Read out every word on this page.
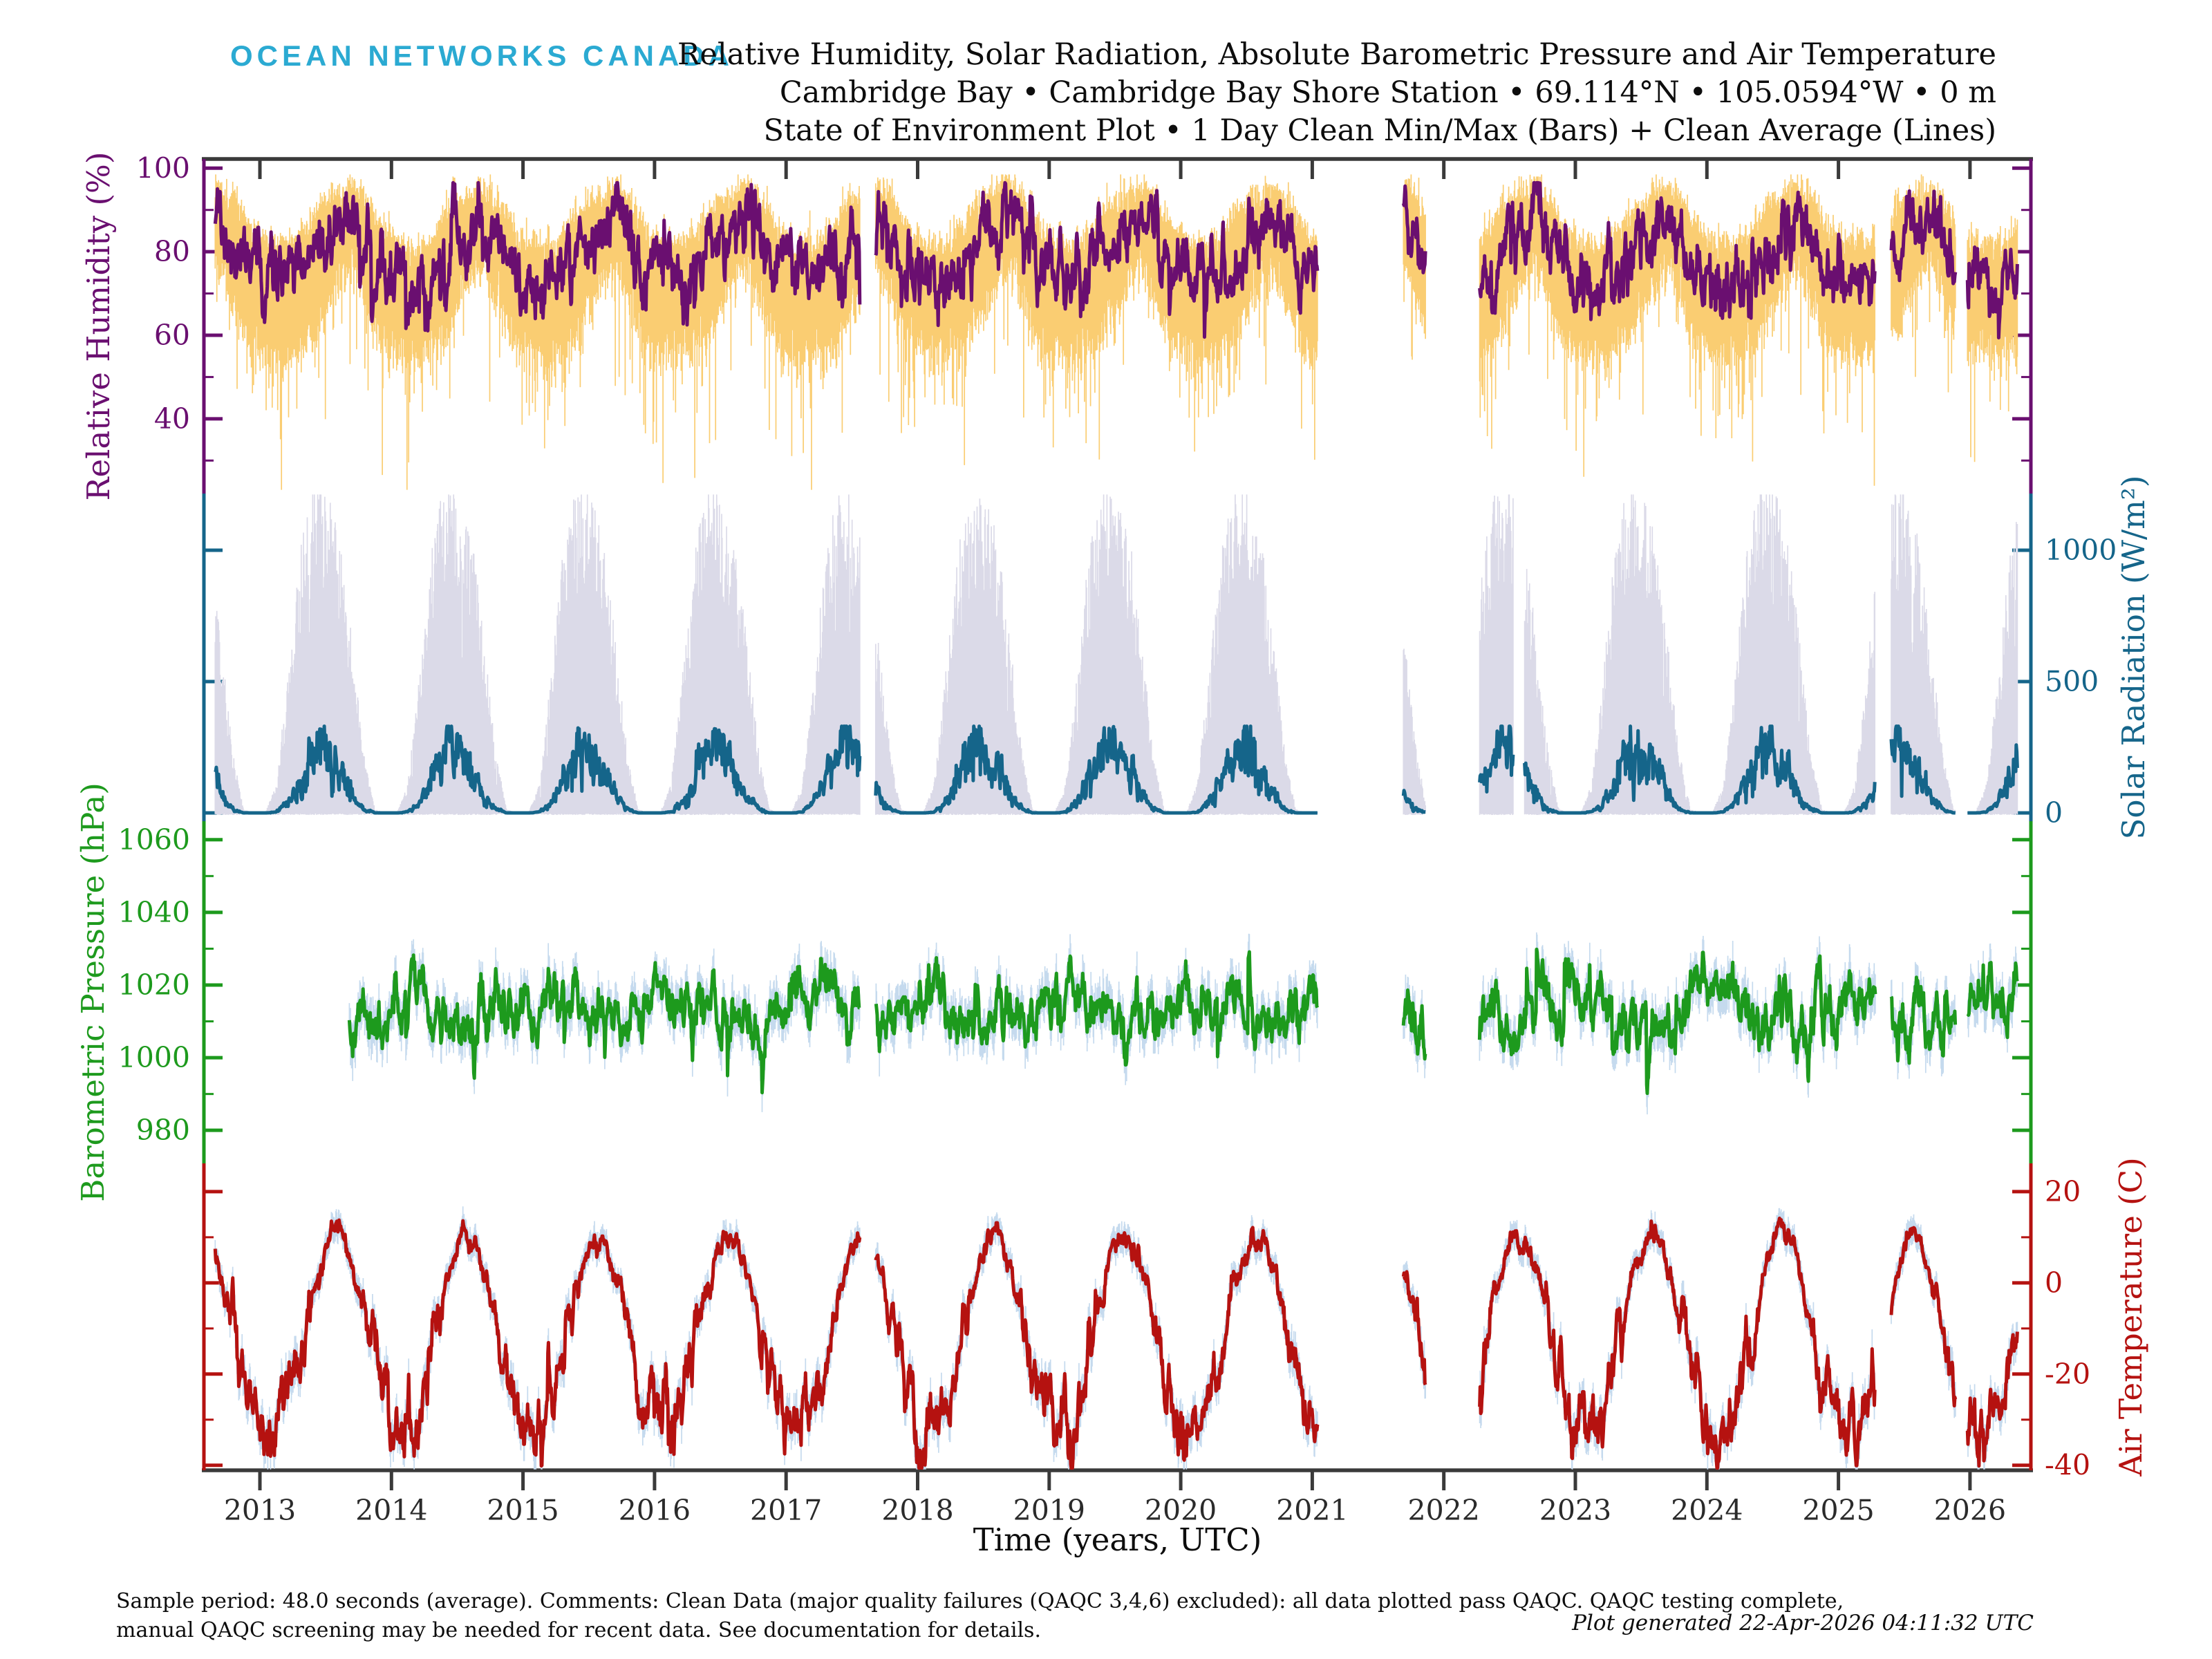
2013 2014 2015 2016 2017 2018 2019 2020 2021 2022 2023 2024 2025 2026
Time (years, UTC)
40
60
80
100
Relative Humidity (%)
0
500
1000
Solar Radiation (W/m²)
980
1000
1020
1040
1060
Barometric Pressure (hPa)
-40
-20
0
20 Air Temperature (C)
OCEAN NETWORKS CANADA
Relative Humidity, Solar Radiation, Absolute Barometric Pressure and Air Temperature
Cambridge Bay • Cambridge Bay Shore Station • 69.114°N • 105.0594°W • 0 m
State of Environment Plot • 1 Day Clean Min/Max (Bars) + Clean Average (Lines)
Sample period: 48.0 seconds (average). Comments: Clean Data (major quality failures (QAQC 3,4,6) excluded): all data plotted pass QAQC. QAQC testing complete,
manual QAQC screening may be needed for recent data. See documentation for details.	Plot generated 22-Apr-2026 04:11:32 UTC
